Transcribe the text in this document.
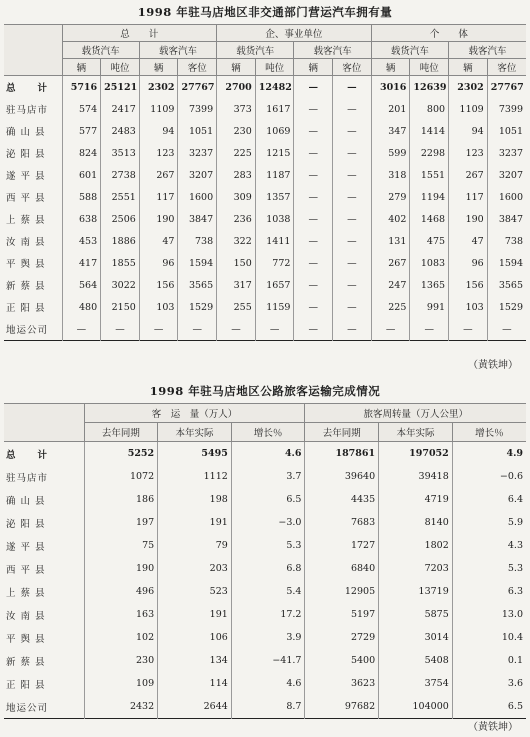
1998 年驻马店地区非交通部门营运汽车拥有量
	总　　计				企、事业单位				个　　体			
	载货汽车		载客汽车		载货汽车		载客汽车		载货汽车		载客汽车	
	辆	吨位	辆	客位	辆	吨位	辆	客位	辆	吨位	辆	客位
总　　计	5716	25121	2302	27767	2700	12482	—	—	3016	12639	2302	27767
驻马店市	574	2417	1109	7399	373	1617	—	—	201	800	1109	7399
确 山 县	577	2483	94	1051	230	1069	—	—	347	1414	94	1051
泌 阳 县	824	3513	123	3237	225	1215	—	—	599	2298	123	3237
遂 平 县	601	2738	267	3207	283	1187	—	—	318	1551	267	3207
西 平 县	588	2551	117	1600	309	1357	—	—	279	1194	117	1600
上 蔡 县	638	2506	190	3847	236	1038	—	—	402	1468	190	3847
汝 南 县	453	1886	47	738	322	1411	—	—	131	475	47	738
平 舆 县	417	1855	96	1594	150	772	—	—	267	1083	96	1594
新 蔡 县	564	3022	156	3565	317	1657	—	—	247	1365	156	3565
正 阳 县	480	2150	103	1529	255	1159	—	—	225	991	103	1529
地运公司	—	—	—	—	—	—	—	—	—	—	—	—
（黄铁坤）
1998 年驻马店地区公路旅客运输完成情况
	客　运　量（万人）			旅客周转量（万人公里）		
	去年同期	本年实际	增长％	去年同期	本年实际	增长％
总　　计	5252	5495	4.6	187861	197052	4.9
驻马店市	1072	1112	3.7	39640	39418	−0.6
确 山 县	186	198	6.5	4435	4719	6.4
泌 阳 县	197	191	−3.0	7683	8140	5.9
遂 平 县	75	79	5.3	1727	1802	4.3
西 平 县	190	203	6.8	6840	7203	5.3
上 蔡 县	496	523	5.4	12905	13719	6.3
汝 南 县	163	191	17.2	5197	5875	13.0
平 舆 县	102	106	3.9	2729	3014	10.4
新 蔡 县	230	134	−41.7	5400	5408	0.1
正 阳 县	109	114	4.6	3623	3754	3.6
地运公司	2432	2644	8.7	97682	104000	6.5
（黄铁坤）
